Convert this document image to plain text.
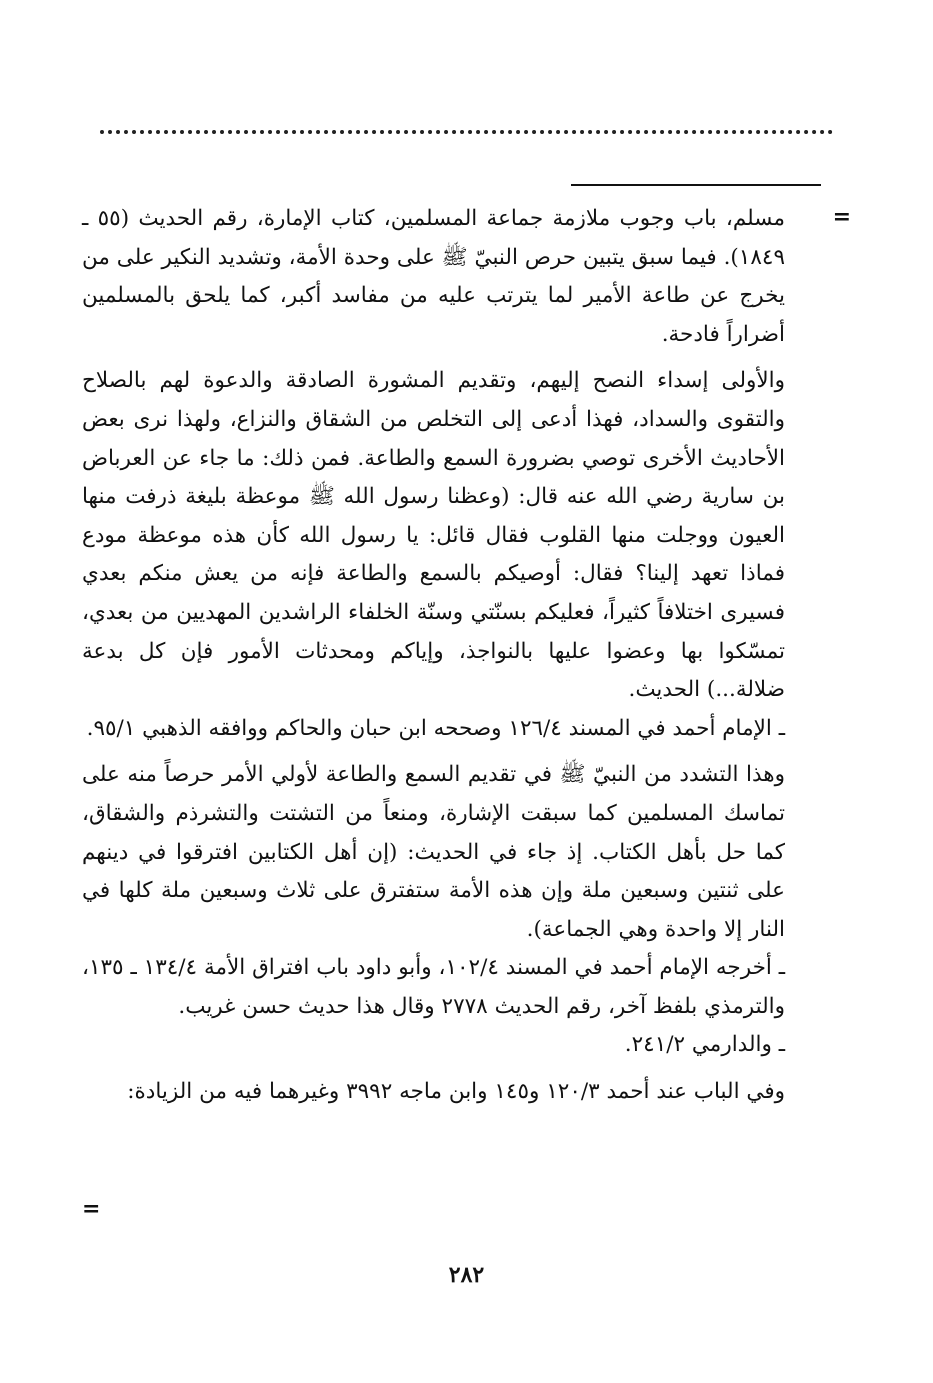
=

مسلم، باب وجوب ملازمة جماعة المسلمين، كتاب الإمارة، رقم الحديث (٥٥ ـ ١٨٤٩). فيما سبق يتبين حرص النبيّ ﷺ على وحدة الأمة، وتشديد النكير على من يخرج عن طاعة الأمير لما يترتب عليه من مفاسد أكبر، كما يلحق بالمسلمين أضراراً فادحة.

والأولى إسداء النصح إليهم، وتقديم المشورة الصادقة والدعوة لهم بالصلاح والتقوى والسداد، فهذا أدعى إلى التخلص من الشقاق والنزاع، ولهذا نرى بعض الأحاديث الأخرى توصي بضرورة السمع والطاعة. فمن ذلك: ما جاء عن العرباض بن سارية رضي الله عنه قال: (وعظنا رسول الله ﷺ موعظة بليغة ذرفت منها العيون ووجلت منها القلوب فقال قائل: يا رسول الله كأن هذه موعظة مودع فماذا تعهد إلينا؟ فقال: أوصيكم بالسمع والطاعة فإنه من يعش منكم بعدي فسيرى اختلافاً كثيراً، فعليكم بسنّتي وسنّة الخلفاء الراشدين المهديين من بعدي، تمسّكوا بها وعضوا عليها بالنواجذ، وإياكم ومحدثات الأمور فإن كل بدعة ضلالة...) الحديث.

ـ الإمام أحمد في المسند ١٢٦/٤ وصححه ابن حبان والحاكم ووافقه الذهبي ٩٥/١.

وهذا التشدد من النبيّ ﷺ في تقديم السمع والطاعة لأولي الأمر حرصاً منه على تماسك المسلمين كما سبقت الإشارة، ومنعاً من التشتت والتشرذم والشقاق، كما حل بأهل الكتاب. إذ جاء في الحديث: (إن أهل الكتابين افترقوا في دينهم على ثنتين وسبعين ملة وإن هذه الأمة ستفترق على ثلاث وسبعين ملة كلها في النار إلا واحدة وهي الجماعة).

ـ أخرجه الإمام أحمد في المسند ١٠٢/٤، وأبو داود باب افتراق الأمة ١٣٤/٤ ـ ١٣٥، والترمذي بلفظ آخر، رقم الحديث ٢٧٧٨ وقال هذا حديث حسن غريب.

ـ والدارمي ٢٤١/٢.

وفي الباب عند أحمد ١٢٠/٣ و١٤٥ وابن ماجه ٣٩٩٢ وغيرهما فيه من الزيادة:

=
٢٨٢
